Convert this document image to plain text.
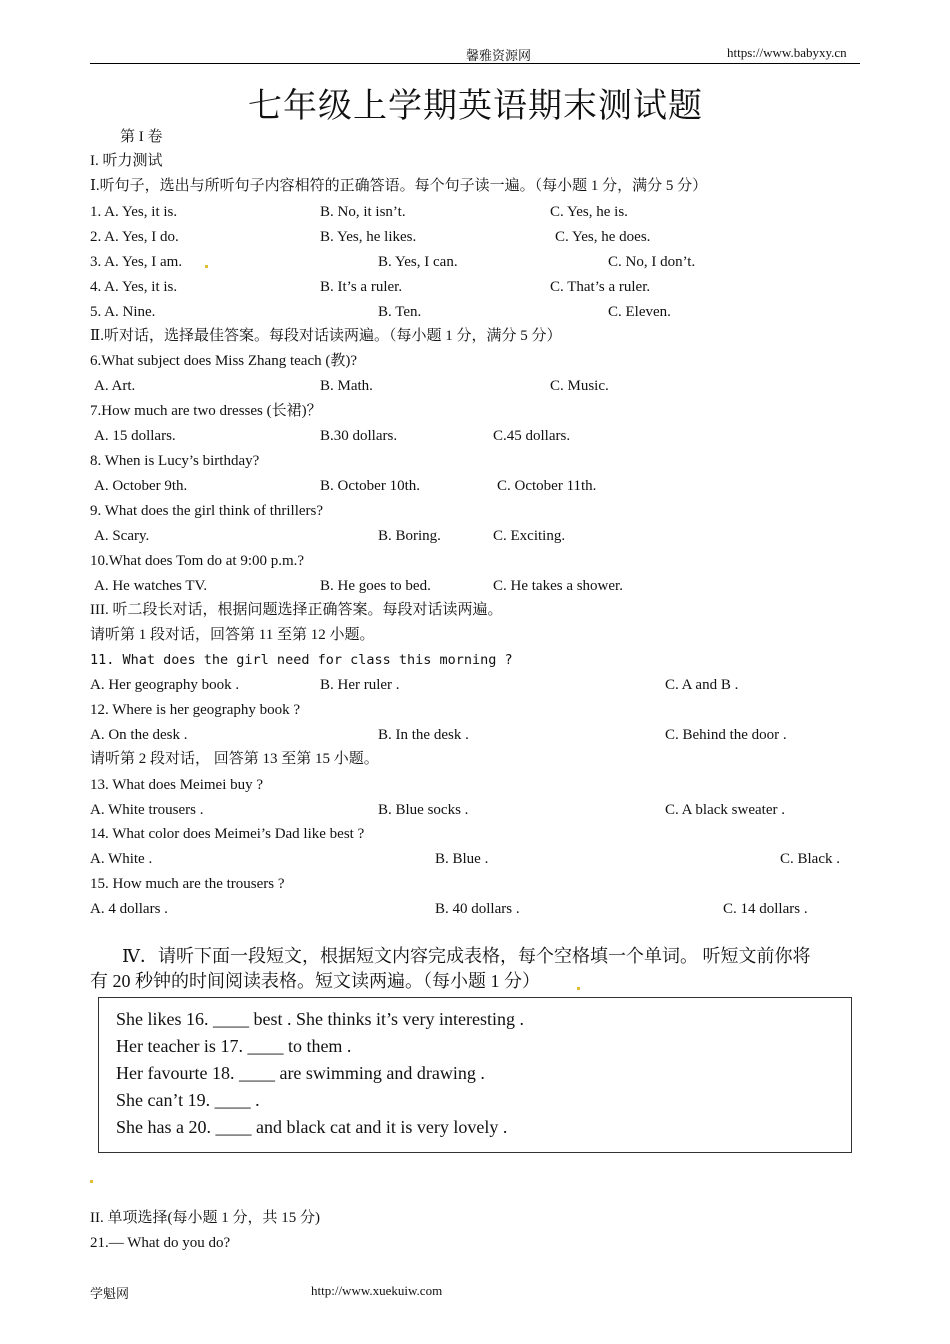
馨雅资源网	https://www.babyxy.cn
七年级上学期英语期末测试题
第 I 卷
I. 听力测试
Ⅰ.听句子，选出与所听句子内容相符的正确答语。每个句子读一遍。（每小题 1 分，满分 5 分）
1. A. Yes, it is.	B. No, it isn’t.	C. Yes, he is.
2. A. Yes, I do.	B. Yes, he likes.	C. Yes, he does.
3. A. Yes, I am.	B. Yes, I can.	C. No, I don’t.
4. A. Yes, it is.	B. It’s a ruler.	C. That’s a ruler.
5. A. Nine.	B. Ten.	C. Eleven.
Ⅱ.听对话，选择最佳答案。每段对话读两遍。（每小题 1 分，满分 5 分）
6.What subject does Miss Zhang teach (教)?
A. Art.	B. Math.	C. Music.
7.How much are two dresses (长裙)？
A. 15 dollars.	B.30 dollars.	C.45 dollars.
8. When is Lucy’s birthday?
A. October 9th.	B. October 10th.	C. October 11th.
9. What does the girl think of thrillers?
A. Scary.	B. Boring.	C. Exciting.
10.What does Tom do at 9:00 p.m.?
A. He watches TV.	B. He goes to bed.	C. He takes a shower.
III. 听二段长对话，根据问题选择正确答案。每段对话读两遍。
请听第 1 段对话，回答第 11 至第 12 小题。
11. What does the girl need for class this morning ?
A. Her geography book .	B. Her ruler .	C. A and B .
12. Where is her geography book ?
A. On the desk .	B. In the desk .	C. Behind the door .
请听第 2 段对话， 回答第 13 至第 15 小题。
13. What does Meimei buy ?
A. White trousers .	B. Blue socks .	C. A black sweater .
14. What color does Meimei’s Dad like best ?
A. White .	B. Blue .	C. Black .
15. How much are the trousers ?
A. 4 dollars .	B. 40 dollars .	C. 14 dollars .
Ⅳ．请听下面一段短文，根据短文内容完成表格，每个空格填一个单词。 听短文前你将
有 20 秒钟的时间阅读表格。短文读两遍。（每小题 1 分）
She likes 16. ____ best . She thinks it’s very interesting .
Her teacher is 17. ____ to them .
Her favourte 18. ____ are swimming and drawing .
She can’t 19. ____ .
She has a 20. ____ and black cat and it is very lovely .
II. 单项选择(每小题 1 分，共 15 分)
21.— What do you do?
学魁网	http://www.xuekuiw.com
